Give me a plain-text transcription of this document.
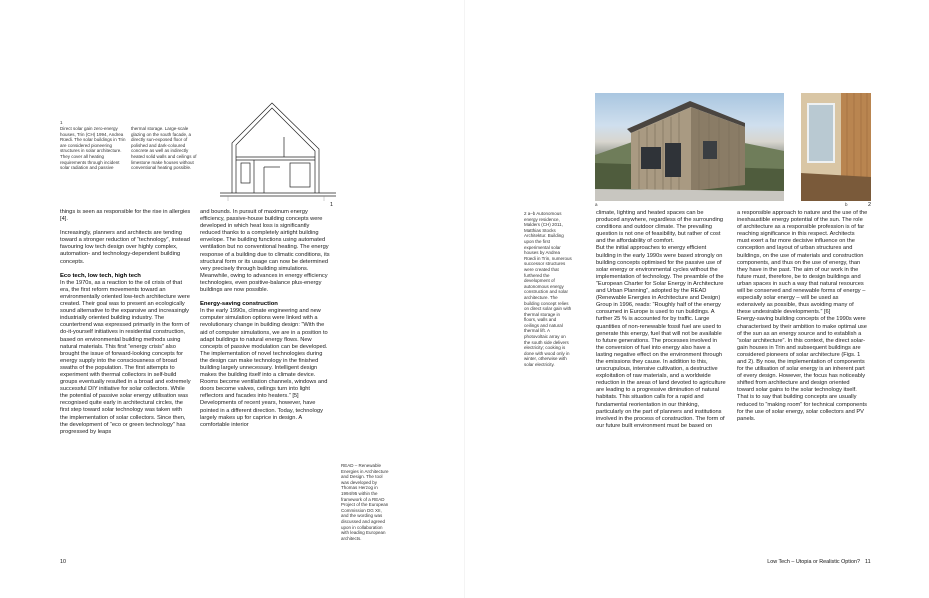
1
Direct solar gain zero-energy houses, Trin (CH) 1994, Andrea Rüedi. The solar buildings in Trin are considered pioneering structures in solar architecture. They cover all heating requirements through incident solar radiation and passive
thermal storage. Large-scale glazing on the south facade, a directly sun-exposed floor of polished and dark-coloured concrete as well as indirectly heated solid walls and ceilings of limestone make houses without conventional heating possible.
1

things is seen as responsible for the rise in allergies [4].

Increasingly, planners and architects are tending toward a stronger reduction of “technology”, instead favouring low tech design over highly complex, automation- and technology-dependent building concepts.

Eco tech, low tech, high tech

In the 1970s, as a reaction to the oil crisis of that era, the first reform movements toward an environmentally oriented low-tech architecture were created. Their goal was to present an ecologically sound alternative to the expansive and increasingly industrially oriented building industry. The countertrend was expressed primarily in the form of do-it-yourself initiatives in residential construction, based on environmental building methods using natural materials. This first “energy crisis” also brought the issue of forward-looking concepts for energy supply into the consciousness of broad swaths of the population. The first attempts to experiment with thermal collectors in self-build groups eventually resulted in a broad and extremely successful DIY initiative for solar collectors. While the potential of passive solar energy utilisation was recognised quite early in architectural circles, the first step toward solar technology was taken with the implementation of solar collectors. Since then, the development of “eco or green technology” has progressed by leaps

and bounds. In pursuit of maximum energy efficiency, passive-house building concepts were developed in which heat loss is significantly reduced thanks to a completely airtight building envelope. The building functions using automated ventilation but no conventional heating. The energy response of a building due to climatic conditions, its structural form or its usage can now be determined very precisely through building simulations. Meanwhile, owing to advances in energy efficiency technologies, even positive-balance plus-energy buildings are now possible.

Energy-saving construction

In the early 1990s, climate engineering and new computer simulation options were linked with a revolutionary change in building design: “With the aid of computer simulations, we are in a position to adapt buildings to natural energy flows. New concepts of passive modulation can be developed. The implementation of novel technologies during the design can make technology in the finished building largely unnecessary. Intelligent design makes the building itself into a climate device. Rooms become ventilation channels, windows and doors become valves, ceilings turn into light reflectors and facades into heaters.” [5]

Developments of recent years, however, have pointed in a different direction. Today, technology largely makes up for caprice in design. A comfortable interior

10
a	b	2
2 a–b Autonomous energy residence, Malders (CH) 2011, Matthias Stocks Architektur. Building upon the first experimental solar houses by Andrea Rüedi in Trin, numerous successor structures were created that furthered the development of autonomous energy construction and solar architecture. The building concept relies on direct solar gain with thermal storage in floors, walls and ceilings and natural thermal lift. A photovoltaic array on the south side delivers electricity; cooking is done with wood only in winter, otherwise with solar electricity.
READ – Renewable Energies in Architecture and Design. The tool was developed by Thomas Herzog in 1994/95 within the framework of a READ Project of the European Commission DG XII, and the wording was discussed and agreed upon in collaboration with leading European architects.

climate, lighting and heated spaces can be produced anywhere, regardless of the surrounding conditions and outdoor climate. The prevailing question is not one of feasibility, but rather of cost and the affordability of comfort.

But the initial approaches to energy efficient building in the early 1990s were based strongly on building concepts optimised for the passive use of solar energy or environmental cycles without the implementation of technology. The preamble of the “European Charter for Solar Energy in Architecture and Urban Planning”, adopted by the READ (Renewable Energies in Architecture and Design) Group in 1996, reads: “Roughly half of the energy consumed in Europe is used to run buildings. A further 25 % is accounted for by traffic. Large quantities of non-renewable fossil fuel are used to generate this energy, fuel that will not be available to future generations. The processes involved in the conversion of fuel into energy also have a lasting negative effect on the environment through the emissions they cause. In addition to this, unscrupulous, intensive cultivation, a destructive exploitation of raw materials, and a worldwide reduction in the areas of land devoted to agriculture are leading to a progressive diminution of natural habitats. This situation calls for a rapid and fundamental reorientation in our thinking, particularly on the part of planners and institutions involved in the process of construction. The form of our future built environment must be based on

a responsible approach to nature and the use of the inexhaustible energy potential of the sun. The role of architecture as a responsible profession is of far reaching significance in this respect. Architects must exert a far more decisive influence on the conception and layout of urban structures and buildings, on the use of materials and construction components, and thus on the use of energy, than they have in the past. The aim of our work in the future must, therefore, be to design buildings and urban spaces in such a way that natural resources will be conserved and renewable forms of energy – especially solar energy – will be used as extensively as possible, thus avoiding many of these undesirable developments.” [6]

Energy-saving building concepts of the 1990s were characterised by their ambition to make optimal use of the sun as an energy source and to establish a “solar architecture”. In this context, the direct solar-gain houses in Trin and subsequent buildings are considered pioneers of solar architecture (Figs. 1 and 2). By now, the implementation of components for the utilisation of solar energy is an inherent part of every design. However, the focus has noticeably shifted from architecture and design oriented toward solar gains to the solar technology itself. That is to say that building concepts are usually reduced to “making room” for technical components for the use of solar energy, solar collectors and PV panels.

Low Tech – Utopia or Realistic Option? 11
